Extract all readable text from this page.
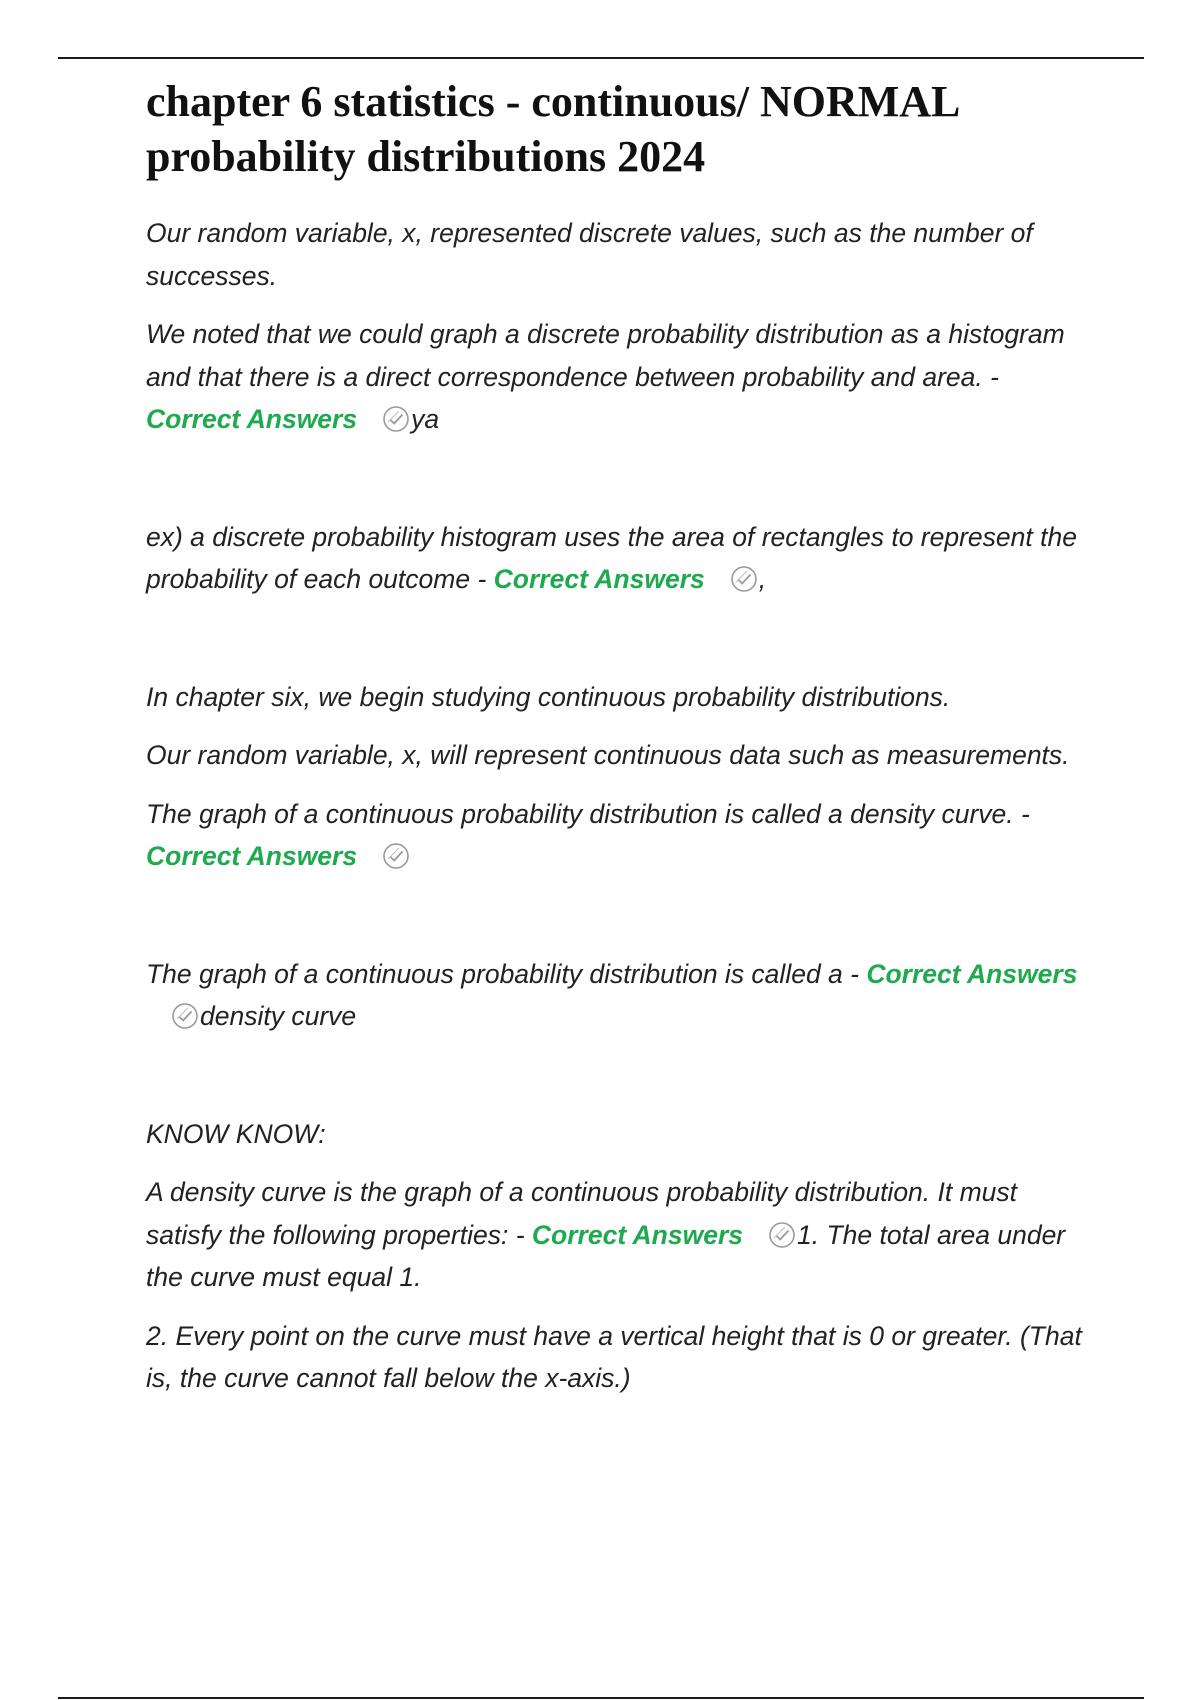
chapter 6 statistics - continuous/ NORMAL probability distributions 2024

Our random variable, x, represented discrete values, such as the number of successes.

We noted that we could graph a discrete probability distribution as a histogram and that there is a direct correspondence between probability and area. - Correct Answers ya

ex) a discrete probability histogram uses the area of rectangles to represent the probability of each outcome - Correct Answers ,

In chapter six, we begin studying continuous probability distributions.

Our random variable, x, will represent continuous data such as measurements.

The graph of a continuous probability distribution is called a density curve. - Correct Answers

The graph of a continuous probability distribution is called a - Correct Answers
density curve

KNOW KNOW:

A density curve is the graph of a continuous probability distribution. It must satisfy the following properties: - Correct Answers 1. The total area under the curve must equal 1.

2. Every point on the curve must have a vertical height that is 0 or greater. (That is, the curve cannot fall below the x-axis.)
